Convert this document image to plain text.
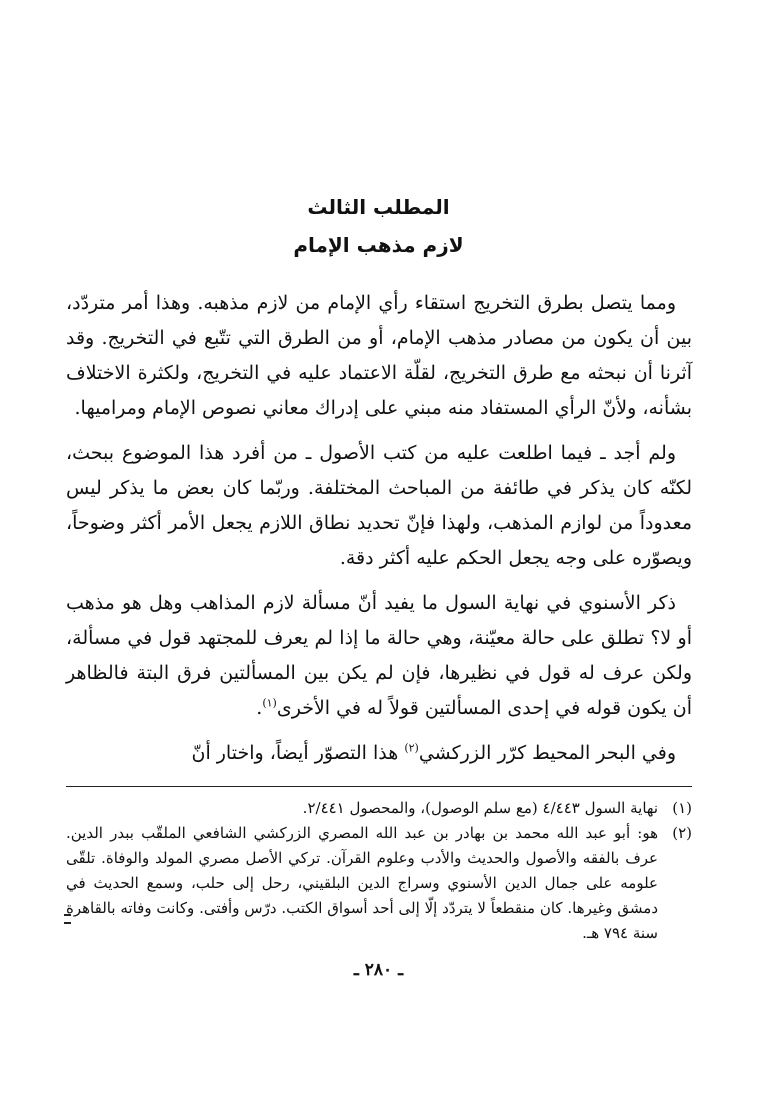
المطلب الثالث

لازم مذهب الإمام

ومما يتصل بطرق التخريج استقاء رأي الإمام من لازم مذهبه. وهذا أمر متردّد، بين أن يكون من مصادر مذهب الإمام، أو من الطرق التي تتّبع في التخريج. وقد آثرنا أن نبحثه مع طرق التخريج، لقلّة الاعتماد عليه في التخريج، ولكثرة الاختلاف بشأنه، ولأنّ الرأي المستفاد منه مبني على إدراك معاني نصوص الإمام ومراميها.

ولم أجد ـ فيما اطلعت عليه من كتب الأصول ـ من أفرد هذا الموضوع ببحث، لكنّه كان يذكر في طائفة من المباحث المختلفة. وربّما كان بعض ما يذكر ليس معدوداً من لوازم المذهب، ولهذا فإنّ تحديد نطاق اللازم يجعل الأمر أكثر وضوحاً، ويصوّره على وجه يجعل الحكم عليه أكثر دقة.

ذكر الأسنوي في نهاية السول ما يفيد أنّ مسألة لازم المذاهب وهل هو مذهب أو لا؟ تطلق على حالة معيّنة، وهي حالة ما إذا لم يعرف للمجتهد قول في مسألة، ولكن عرف له قول في نظيرها، فإن لم يكن بين المسألتين فرق البتة فالظاهر أن يكون قوله في إحدى المسألتين قولاً له في الأخرى$^{(١)}$.

وفي البحر المحيط كرّر الزركشي$^{(٢)}$ هذا التصوّر أيضاً، واختار أنّ

(١)
نهاية السول ٤/٤٤٣ (مع سلم الوصول)، والمحصول ٢/٤٤١.
(٢)
هو: أبو عبد الله محمد بن بهادر بن عبد الله المصري الزركشي الشافعي الملقّب ببدر الدين. عرف بالفقه والأصول والحديث والأدب وعلوم القرآن. تركي الأصل مصري المولد والوفاة. تلقّى علومه على جمال الدين الأسنوي وسراج الدين البلقيني، رحل إلى حلب، وسمع الحديث في دمشق وغيرها. كان منقطعاً لا يتردّد إلّا إلى أحد أسواق الكتب. درّس وأفتى. وكانت وفاته بالقاهرة سنة ٧٩٤ هـ.
ـ ٢٨٠ ـ
